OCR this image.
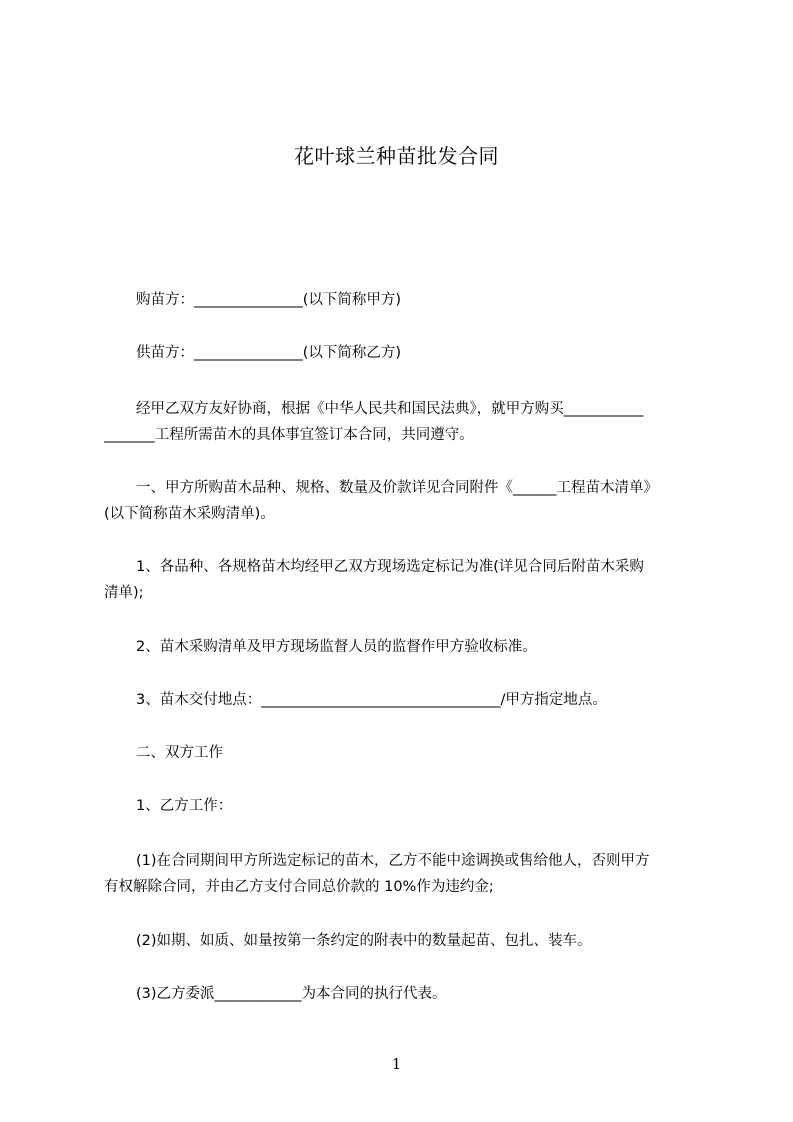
花叶球兰种苗批发合同
购苗方：_______________(以下简称甲方)
供苗方：_______________(以下简称乙方)
经甲乙双方友好协商，根据《中华人民共和国民法典》，就甲方购买___________
_______工程所需苗木的具体事宜签订本合同，共同遵守。
一、甲方所购苗木品种、规格、数量及价款详见合同附件《______工程苗木清单》
(以下简称苗木采购清单)。
1、各品种、各规格苗木均经甲乙双方现场选定标记为准(详见合同后附苗木采购
清单);
2、苗木采购清单及甲方现场监督人员的监督作甲方验收标准。
3、苗木交付地点：_________________________________/甲方指定地点。
二、双方工作
1、乙方工作：
(1)在合同期间甲方所选定标记的苗木，乙方不能中途调换或售给他人，否则甲方
有权解除合同，并由乙方支付合同总价款的 10%作为违约金;
(2)如期、如质、如量按第一条约定的附表中的数量起苗、包扎、装车。
(3)乙方委派____________为本合同的执行代表。
1
